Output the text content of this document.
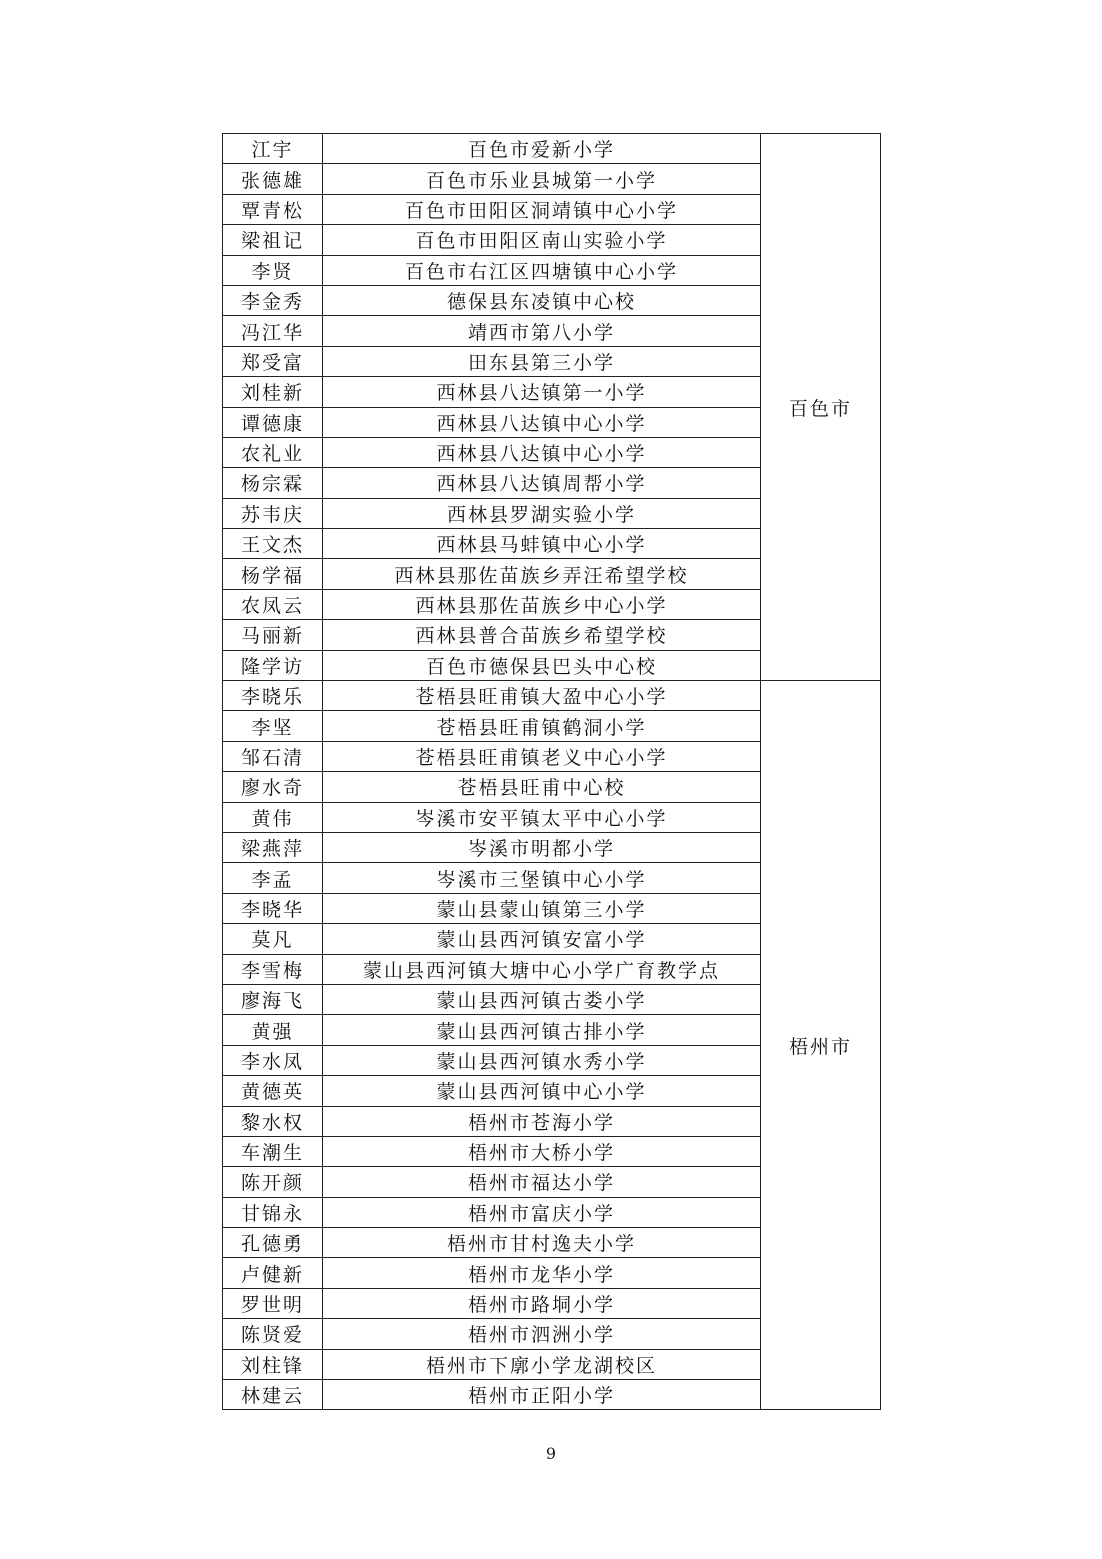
江宇	百色市爱新小学	百色市
张德雄	百色市乐业县城第一小学	
覃青松	百色市田阳区洞靖镇中心小学	
梁祖记	百色市田阳区南山实验小学	
李贤	百色市右江区四塘镇中心小学	
李金秀	德保县东凌镇中心校	
冯江华	靖西市第八小学	
郑受富	田东县第三小学	
刘桂新	西林县八达镇第一小学	
谭德康	西林县八达镇中心小学	
农礼业	西林县八达镇中心小学	
杨宗霖	西林县八达镇周帮小学	
苏韦庆	西林县罗湖实验小学	
王文杰	西林县马蚌镇中心小学	
杨学福	西林县那佐苗族乡弄汪希望学校	
农凤云	西林县那佐苗族乡中心小学	
马丽新	西林县普合苗族乡希望学校	
隆学访	百色市德保县巴头中心校	
李晓乐	苍梧县旺甫镇大盈中心小学	梧州市
李坚	苍梧县旺甫镇鹤洞小学	
邹石清	苍梧县旺甫镇老义中心小学	
廖水奇	苍梧县旺甫中心校	
黄伟	岑溪市安平镇太平中心小学	
梁燕萍	岑溪市明都小学	
李孟	岑溪市三堡镇中心小学	
李晓华	蒙山县蒙山镇第三小学	
莫凡	蒙山县西河镇安富小学	
李雪梅	蒙山县西河镇大塘中心小学广育教学点	
廖海飞	蒙山县西河镇古娄小学	
黄强	蒙山县西河镇古排小学	
李水凤	蒙山县西河镇水秀小学	
黄德英	蒙山县西河镇中心小学	
黎水权	梧州市苍海小学	
车潮生	梧州市大桥小学	
陈开颜	梧州市福达小学	
甘锦永	梧州市富庆小学	
孔德勇	梧州市甘村逸夫小学	
卢健新	梧州市龙华小学	
罗世明	梧州市路垌小学	
陈贤爱	梧州市泗洲小学	
刘柱锋	梧州市下廓小学龙湖校区	
林建云	梧州市正阳小学	
9
